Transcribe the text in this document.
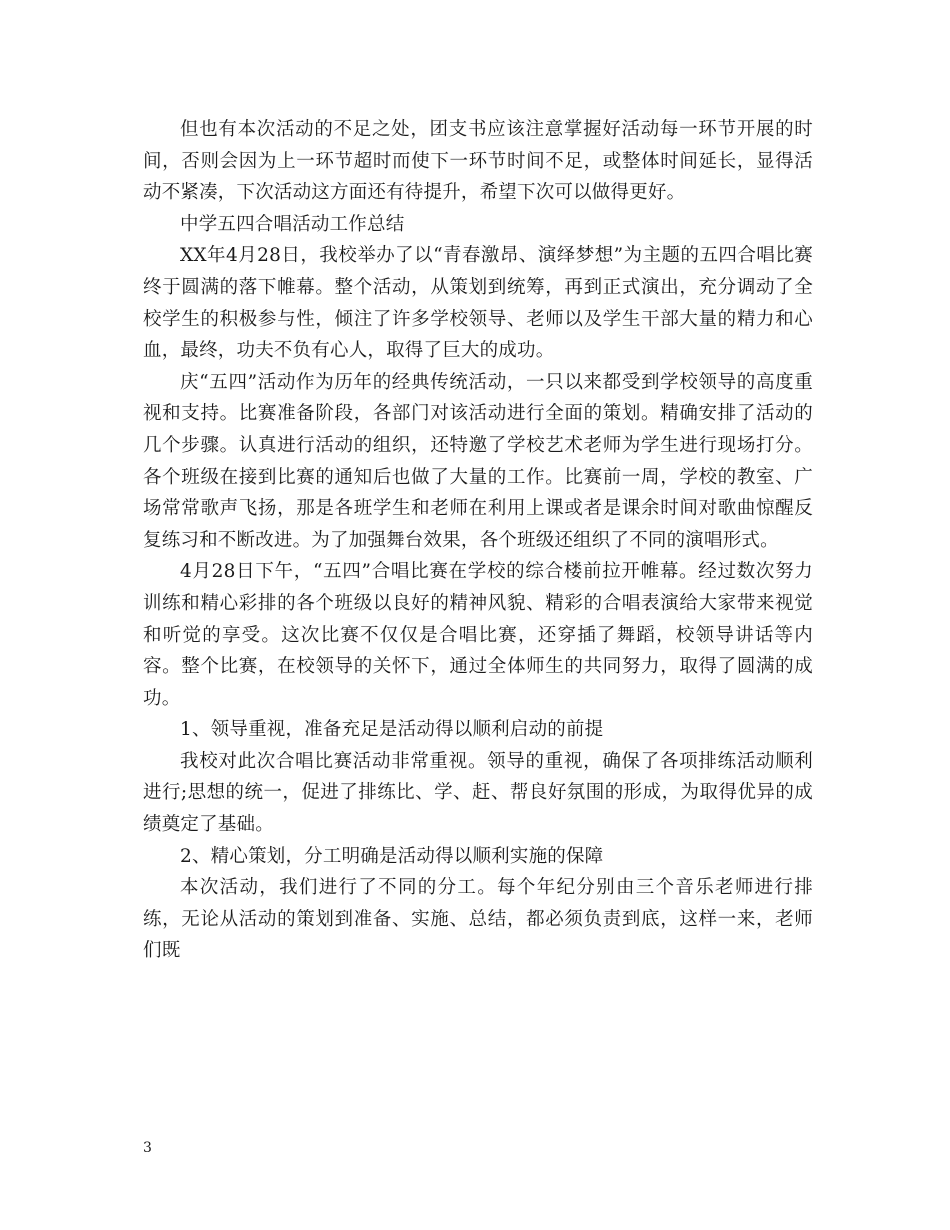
但也有本次活动的不足之处，团支书应该注意掌握好活动每一环节开展的时间，否则会因为上一环节超时而使下一环节时间不足，或整体时间延长，显得活动不紧凑，下次活动这方面还有待提升，希望下次可以做得更好。

中学五四合唱活动工作总结

XX年4月28日，我校举办了以“青春激昂、演绎梦想”为主题的五四合唱比赛终于圆满的落下帷幕。整个活动，从策划到统筹，再到正式演出，充分调动了全校学生的积极参与性，倾注了许多学校领导、老师以及学生干部大量的精力和心血，最终，功夫不负有心人，取得了巨大的成功。

庆“五四”活动作为历年的经典传统活动，一只以来都受到学校领导的高度重视和支持。比赛准备阶段，各部门对该活动进行全面的策划。精确安排了活动的几个步骤。认真进行活动的组织，还特邀了学校艺术老师为学生进行现场打分。各个班级在接到比赛的通知后也做了大量的工作。比赛前一周，学校的教室、广场常常歌声飞扬，那是各班学生和老师在利用上课或者是课余时间对歌曲惊醒反复练习和不断改进。为了加强舞台效果，各个班级还组织了不同的演唱形式。

4月28日下午，“五四”合唱比赛在学校的综合楼前拉开帷幕。经过数次努力训练和精心彩排的各个班级以良好的精神风貌、精彩的合唱表演给大家带来视觉和听觉的享受。这次比赛不仅仅是合唱比赛，还穿插了舞蹈，校领导讲话等内容。整个比赛，在校领导的关怀下，通过全体师生的共同努力，取得了圆满的成功。

1、领导重视，准备充足是活动得以顺利启动的前提

我校对此次合唱比赛活动非常重视。领导的重视，确保了各项排练活动顺利进行;思想的统一，促进了排练比、学、赶、帮良好氛围的形成，为取得优异的成绩奠定了基础。

2、精心策划，分工明确是活动得以顺利实施的保障

本次活动，我们进行了不同的分工。每个年纪分别由三个音乐老师进行排练，无论从活动的策划到准备、实施、总结，都必须负责到底，这样一来，老师们既

3
